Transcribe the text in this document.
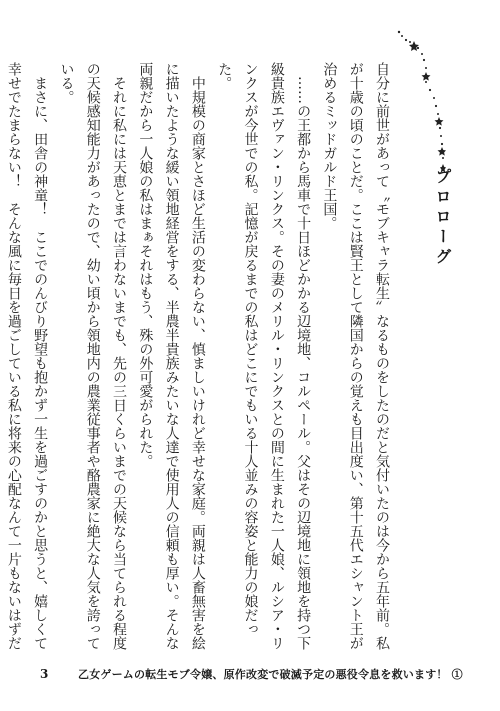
プロローグ

自分に前世があって〝モブキャラ転生〟なるものをしたのだと気付いたのは今から五年前。私が十歳の頃のことだ。ここは賢王として隣国からの覚えも目出度い、第十五代エシャント王が治めるミッドガルド王国。

……の王都から馬車で十日ほどかかる辺境地、コルペール。父はその辺境地に領地を持つ下級貴族エヴァン・リンクス。その妻のメリル・リンクスとの間に生まれた一人娘、ルシア・リンクスが今世での私。記憶が戻るまでの私はどこにでもいる十人並みの容姿と能力の娘だった。

中規模の商家とさほど生活の変わらない、慎ましいけれど幸せな家庭。両親は人畜無害を絵に描いたような緩い領地経営をする、半農半貴族みたいな人達で使用人の信頼も厚い。そんな両親だから一人娘の私はまぁそれはもう、殊の外可愛がられた。

それに私には天恵とまでは言わないまでも、先の三日くらいまでの天候なら当てられる程度の天候感知能力があったので、幼い頃から領地内の農業従事者や酪農家に絶大な人気を誇っている。

まさに、田舎の神童！　ここでのんびり野望も抱かず一生を過ごすのかと思うと、嬉しくて幸せでたまらない！　そんな風に毎日を過ごしている私に将来の心配なんて一片もないはずだ

3	乙女ゲームの転生モブ令嬢、原作改変で破滅予定の悪役令息を救います！ ①
